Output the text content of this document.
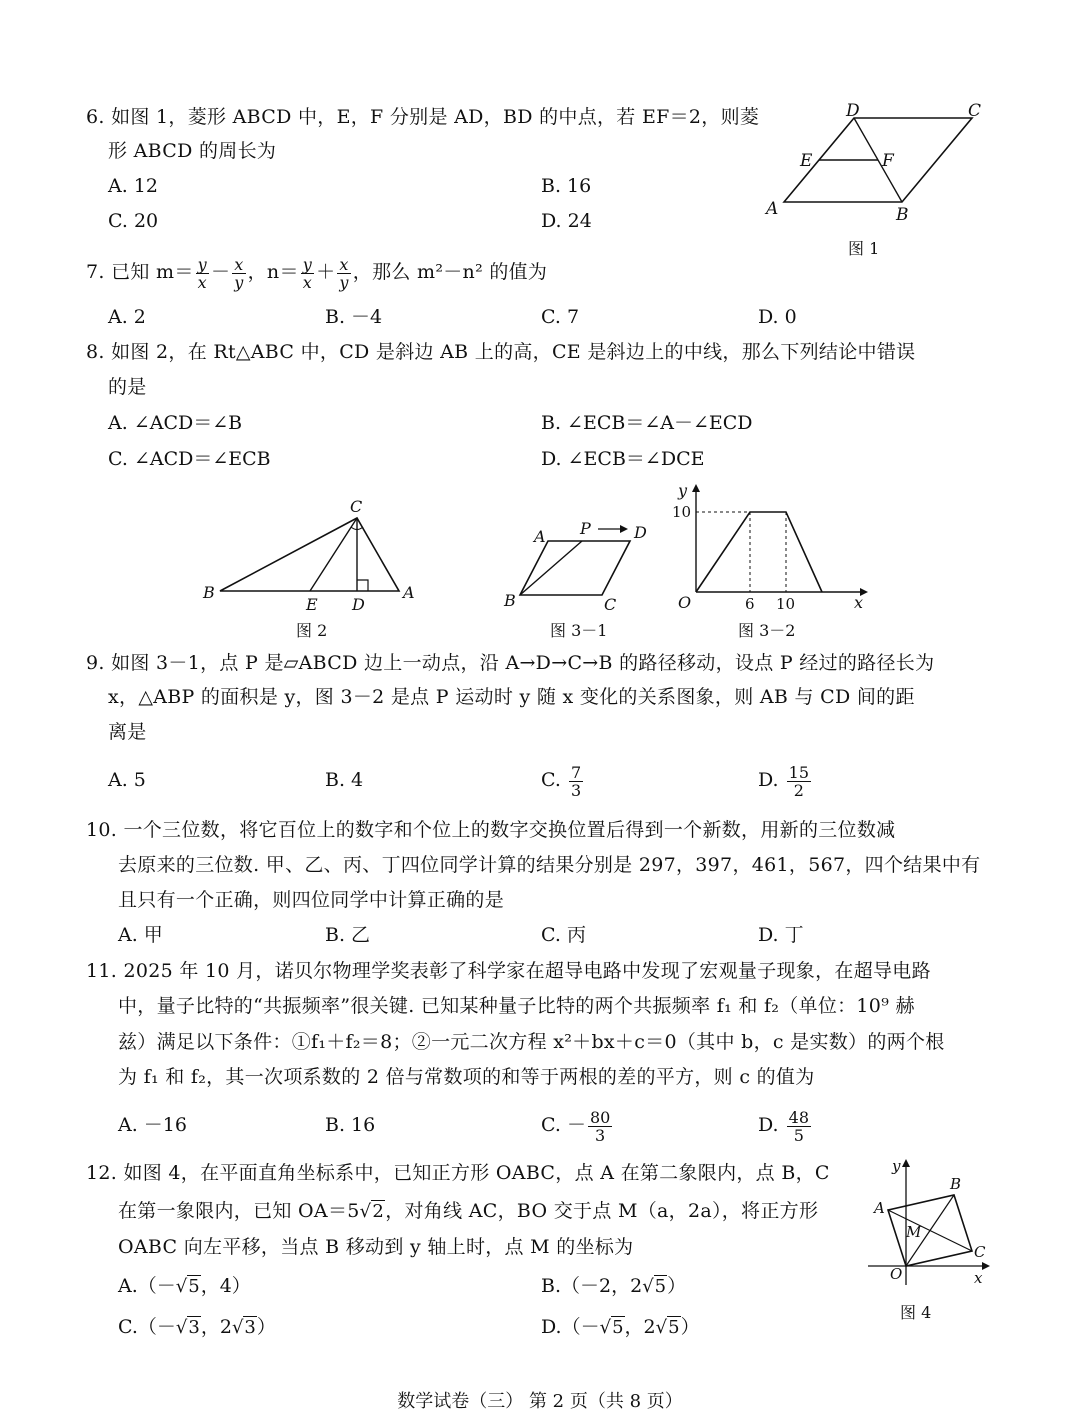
6. 如图 1，菱形 ABCD 中，E，F 分别是 AD，BD 的中点，若 EF＝2，则菱
形 ABCD 的周长为
A. 12	B. 16
C. 20	D. 24
D	C
E	F
A	B
图 1
7. 已知 $m= \frac{y}{x} - \frac{x}{y}$ ，$n= \frac{y}{x} + \frac{x}{y}$ ，那么 m²－n² 的值为
A. 2	B. －4	C. 7	D. 0
8. 如图 2，在 Rt△ABC 中，CD 是斜边 AB 上的高，CE 是斜边上的中线，那么下列结论中错误
的是
A. ∠ACD＝∠B	B. ∠ECB＝∠A－∠ECD
C. ∠ACD＝∠ECB	D. ∠ECB＝∠DCE
C
B
E D
A
图 2
A P	D
B	C
图 3－1
6 10
10
y
x
O
图 3－2
9. 如图 3－1，点 P 是▱ABCD 边上一动点，沿 A→D→C→B 的路径移动，设点 P 经过的路径长为
x，△ABP 的面积是 y，图 3－2 是点 P 运动时 y 随 x 变化的关系图象，则 AB 与 CD 间的距
离是
A. 5	B. 4	C. $\frac{7}{3}$	D. $\frac{15}{2}$
10. 一个三位数，将它百位上的数字和个位上的数字交换位置后得到一个新数，用新的三位数减
去原来的三位数. 甲、乙、丙、丁四位同学计算的结果分别是 297，397，461，567，四个结果中有
且只有一个正确，则四位同学中计算正确的是
A. 甲	B. 乙	C. 丙	D. 丁
11. 2025 年 10 月，诺贝尔物理学奖表彰了科学家在超导电路中发现了宏观量子现象，在超导电路
中，量子比特的“共振频率”很关键. 已知某种量子比特的两个共振频率 f₁ 和 f₂（单位：10⁹ 赫
兹）满足以下条件：①f₁＋f₂＝8；②一元二次方程 x²＋bx＋c＝0（其中 b，c 是实数）的两个根
为 f₁ 和 f₂，其一次项系数的 2 倍与常数项的和等于两根的差的平方，则 c 的值为
A. －16	B. 16	C. － $\frac{80}{3}$	D. $\frac{48}{5}$
12. 如图 4，在平面直角坐标系中，已知正方形 OABC，点 A 在第二象限内，点 B，C
在第一象限内，已知 OA＝5√2，对角线 AC，BO 交于点 M（a，2a），将正方形
OABC 向左平移，当点 B 移动到 y 轴上时，点 M 的坐标为
A.（－√5，4）	B.（－2，2√5）
C.（－√3，2√3）	D.（－√5，2√5）
y
B
A
M
C
O	x
图 4
数学试卷（三） 第 2 页（共 8 页）
